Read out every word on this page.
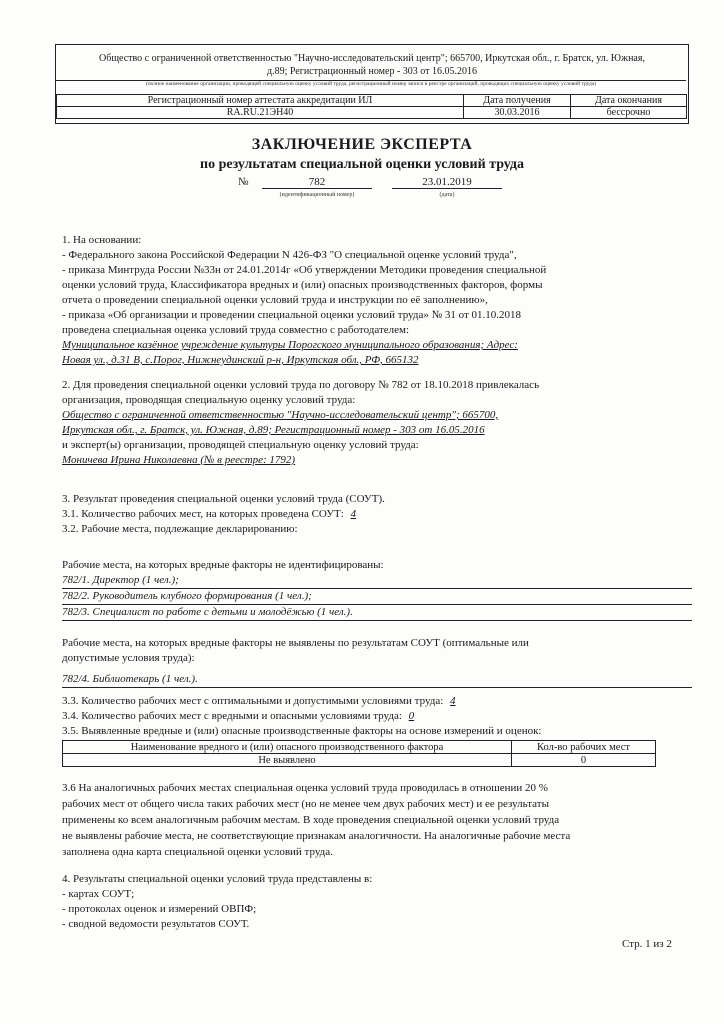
Общество с ограниченной ответственностью "Научно-исследовательский центр"; 665700, Иркутская обл., г. Братск, ул. Южная,
д.89; Регистрационный номер - 303 от 16.05.2016
(полное наименование организации, проводящей специальную оценку условий труда, регистрационный номер записи в реестре организаций, проводящих специальную оценку условий труда)
Регистрационный номер аттестата аккредитации ИЛ	Дата получения	Дата окончания
RA.RU.21ЭН40	30.03.2016	бессрочно
ЗАКЛЮЧЕНИЕ ЭКСПЕРТА
по результатам специальной оценки условий труда
№	782	23.01.2019
(идентификационный номер)	(дата)
1. На основании:
- Федерального закона Российской Федерации N 426-ФЗ "О специальной оценке условий труда",
- приказа Минтруда России №33н от 24.01.2014г «Об утверждении Методики проведения специальной
оценки условий труда, Классификатора вредных и (или) опасных производственных факторов, формы
отчета о проведении специальной оценки условий труда и инструкции по её заполнению»,
- приказа «Об организации и проведении специальной оценки условий труда» № 31 от 01.10.2018
проведена специальная оценка условий труда совместно с работодателем:
Муниципальное казённое учреждение культуры Порогского муниципального образования; Адрес:
Новая ул., д.31 В, с.Порог, Нижнеудинский р-н, Иркутская обл., РФ, 665132
2. Для проведения специальной оценки условий труда по договору № 782 от 18.10.2018 привлекалась
организация, проводящая специальную оценку условий труда:
Общество с ограниченной ответственностью "Научно-исследовательский центр"; 665700,
Иркутская обл., г. Братск, ул. Южная, д.89; Регистрационный номер - 303 от 16.05.2016
и эксперт(ы) организации, проводящей специальную оценку условий труда:
Моничева Ирина Николаевна (№ в реестре: 1792)
3. Результат проведения специальной оценки условий труда (СОУТ).
3.1. Количество рабочих мест, на которых проведена СОУТ: 4
3.2. Рабочие места, подлежащие декларированию:
Рабочие места, на которых вредные факторы не идентифицированы:
782/1. Директор (1 чел.);
782/2. Руководитель клубного формирования (1 чел.);
782/3. Специалист по работе с детьми и молодёжью (1 чел.).
Рабочие места, на которых вредные факторы не выявлены по результатам СОУТ (оптимальные или
допустимые условия труда):
782/4. Библиотекарь (1 чел.).
3.3. Количество рабочих мест с оптимальными и допустимыми условиями труда: 4
3.4. Количество рабочих мест с вредными и опасными условиями труда: 0
3.5. Выявленные вредные и (или) опасные производственные факторы на основе измерений и оценок:
Наименование вредного и (или) опасного производственного фактора	Кол-во рабочих мест
Не выявлено	0
3.6 На аналогичных рабочих местах специальная оценка условий труда проводилась в отношении 20 %
рабочих мест от общего числа таких рабочих мест (но не менее чем двух рабочих мест) и ее результаты
применены ко всем аналогичным рабочим местам. В ходе проведения специальной оценки условий труда
не выявлены рабочие места, не соответствующие признакам аналогичности. На аналогичные рабочие места
заполнена одна карта специальной оценки условий труда.
4. Результаты специальной оценки условий труда представлены в:
- картах СОУТ;
- протоколах оценок и измерений ОВПФ;
- сводной ведомости результатов СОУТ.
Стр. 1 из 2
